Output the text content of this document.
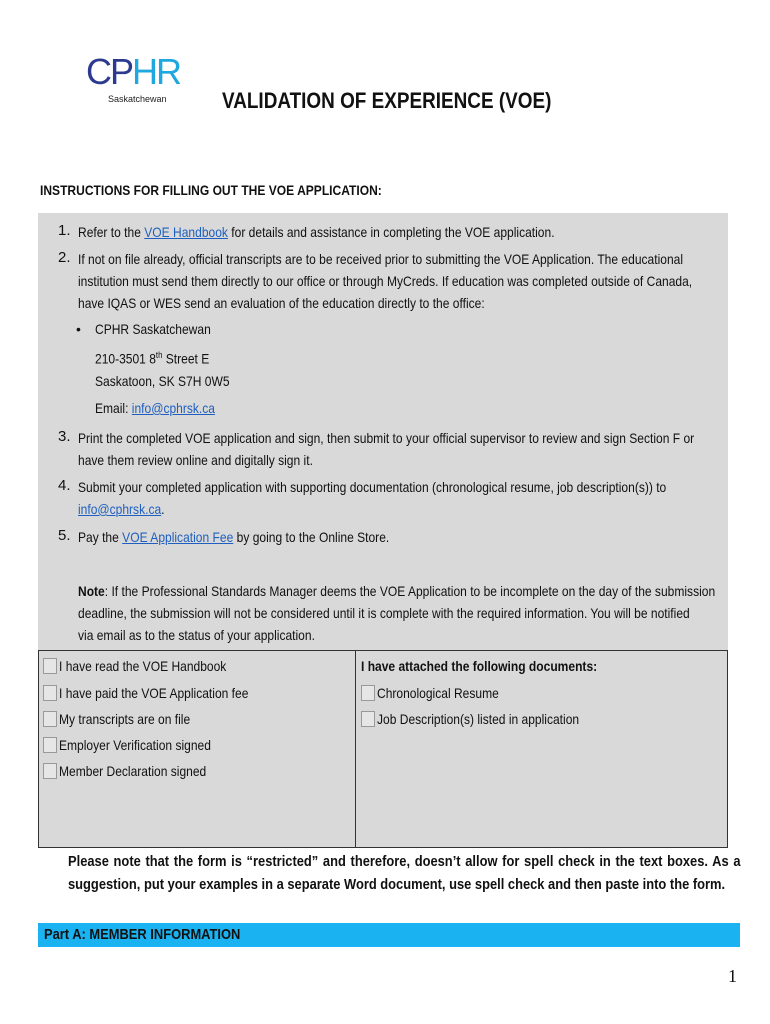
CPHR
Saskatchewan	VALIDATION OF EXPERIENCE (VOE)
INSTRUCTIONS FOR FILLING OUT THE VOE APPLICATION:
1. Refer to the VOE Handbook for details and assistance in completing the VOE application.
2. If not on file already, official transcripts are to be received prior to submitting the VOE Application. The educational
institution must send them directly to our office or through MyCreds. If education was completed outside of Canada,
have IQAS or WES send an evaluation of the education directly to the office:
• CPHR Saskatchewan
210-3501 8th Street E
Saskatoon, SK S7H 0W5
Email: info@cphrsk.ca
3. Print the completed VOE application and sign, then submit to your official supervisor to review and sign Section F or
have them review online and digitally sign it.
4. Submit your completed application with supporting documentation (chronological resume, job description(s)) to
info@cphrsk.ca.
5. Pay the VOE Application Fee by going to the Online Store.
Note: If the Professional Standards Manager deems the VOE Application to be incomplete on the day of the submission
deadline, the submission will not be considered until it is complete with the required information. You will be notified
via email as to the status of your application.
I have read the VOE Handbook
I have paid the VOE Application fee
My transcripts are on file
Employer Verification signed
Member Declaration signed
I have attached the following documents:
Chronological Resume
Job Description(s) listed in application
Please note that the form is “restricted” and therefore, doesn’t allow for spell check in the text boxes. As a suggestion, put your examples in a separate Word document, use spell check and then paste into the form.
Part A: MEMBER INFORMATION
1
